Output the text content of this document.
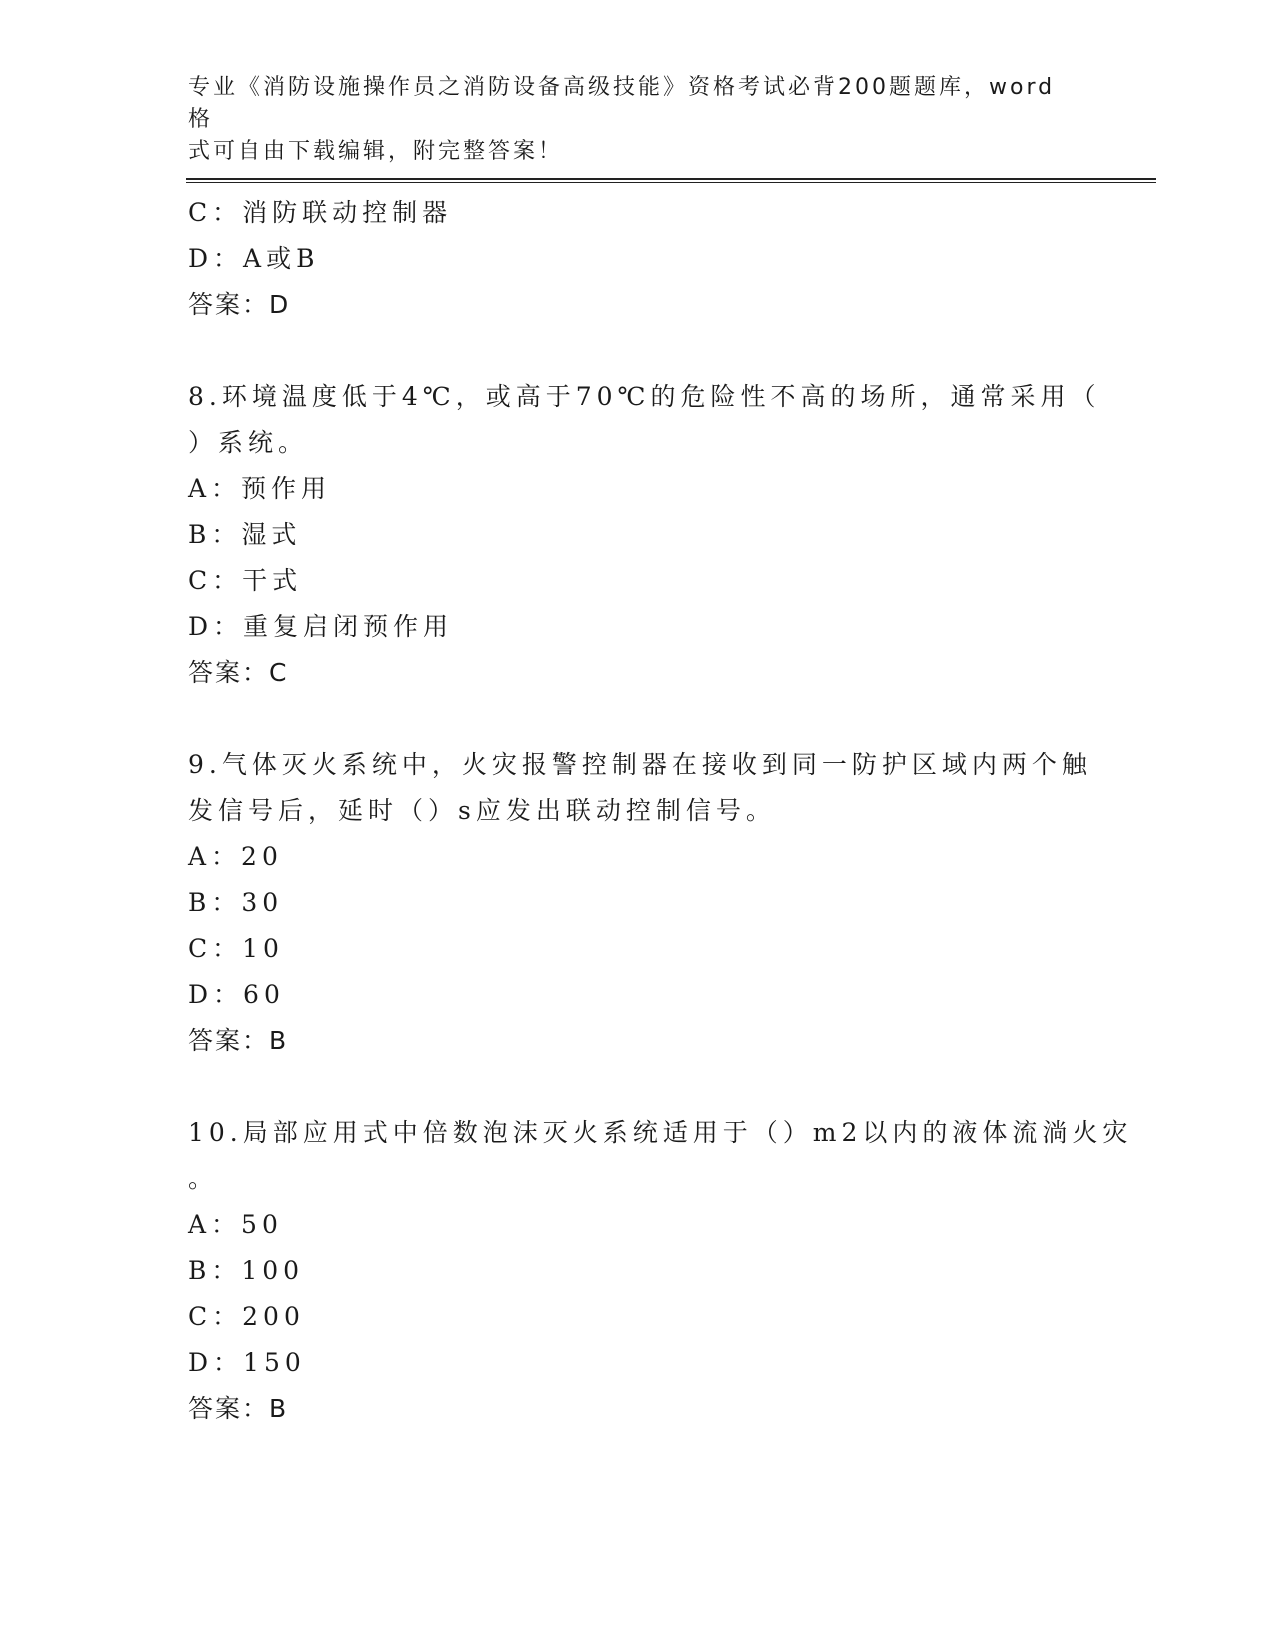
专业《消防设施操作员之消防设备高级技能》资格考试必背200题题库，word格
式可自由下载编辑，附完整答案！
C：消防联动控制器
D：A或B
答案：D
8.环境温度低于4℃，或高于70℃的危险性不高的场所，通常采用（
）系统。
A：预作用
B：湿式
C：干式
D：重复启闭预作用
答案：C
9.气体灭火系统中，火灾报警控制器在接收到同一防护区域内两个触
发信号后，延时（）s应发出联动控制信号。
A：20
B：30
C：10
D：60
答案：B
10.局部应用式中倍数泡沫灭火系统适用于（）m2以内的液体流淌火灾
。
A：50
B：100
C：200
D：150
答案：B
